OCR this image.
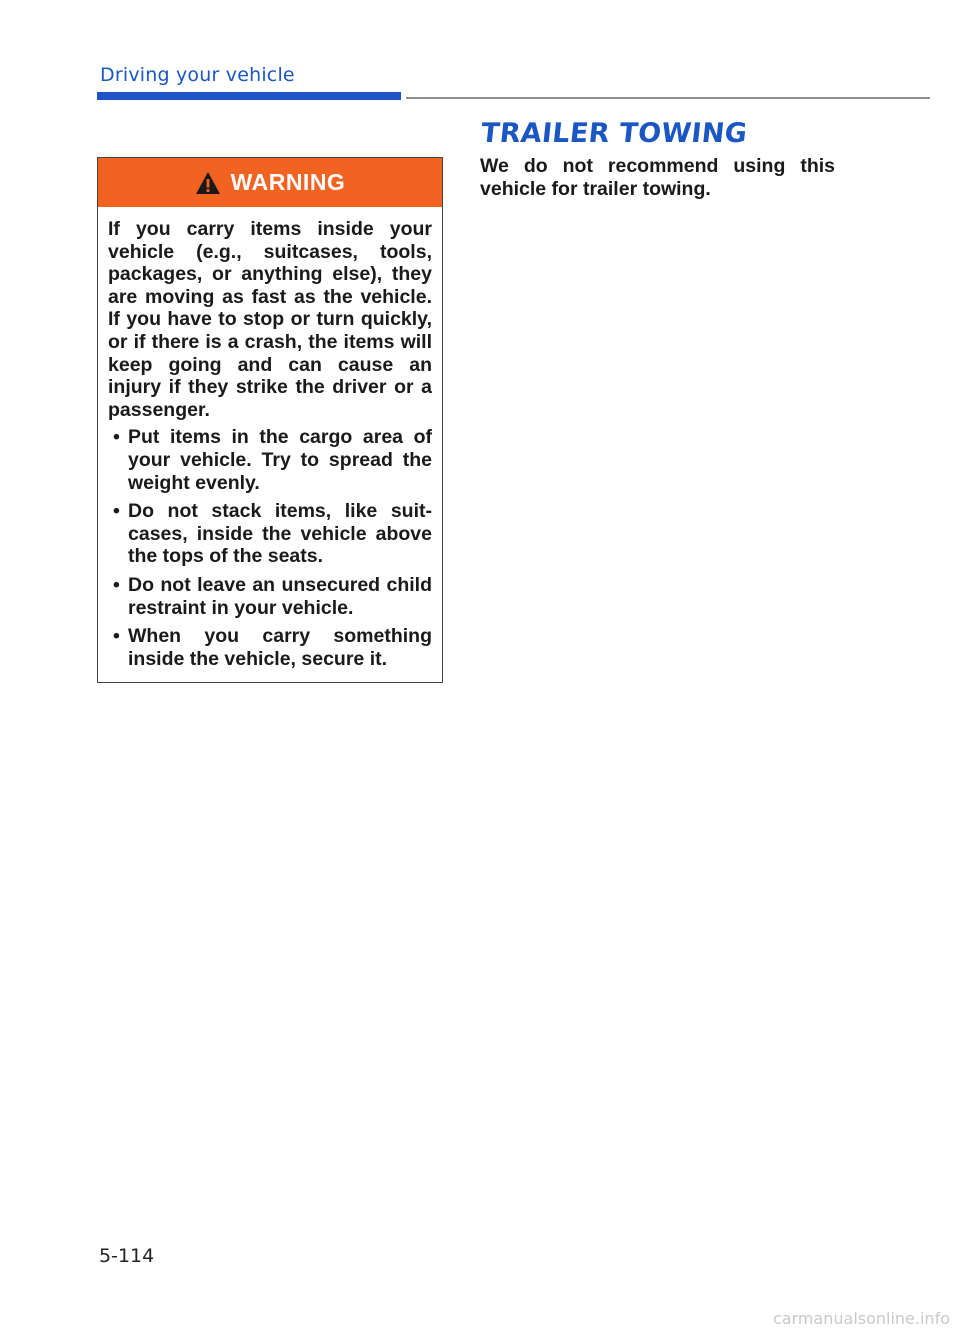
Driving your vehicle
WARNING

If you carry items inside your vehicle (e.g., suitcases, tools, packages, or anything else), they are moving as fast as the vehicle. If you have to stop or turn quickly, or if there is a crash, the items will keep going and can cause an injury if they strike the driver or a passenger.

• Put items in the cargo area of your vehicle. Try to spread the weight evenly.
• Do not stack items, like suit-cases, inside the vehicle above the tops of the seats.
• Do not leave an unsecured child restraint in your vehicle.
• When you carry something inside the vehicle, secure it.
TRAILER TOWING

We do not recommend using this vehicle for trailer towing.

5-114
carmanualsonline.info
